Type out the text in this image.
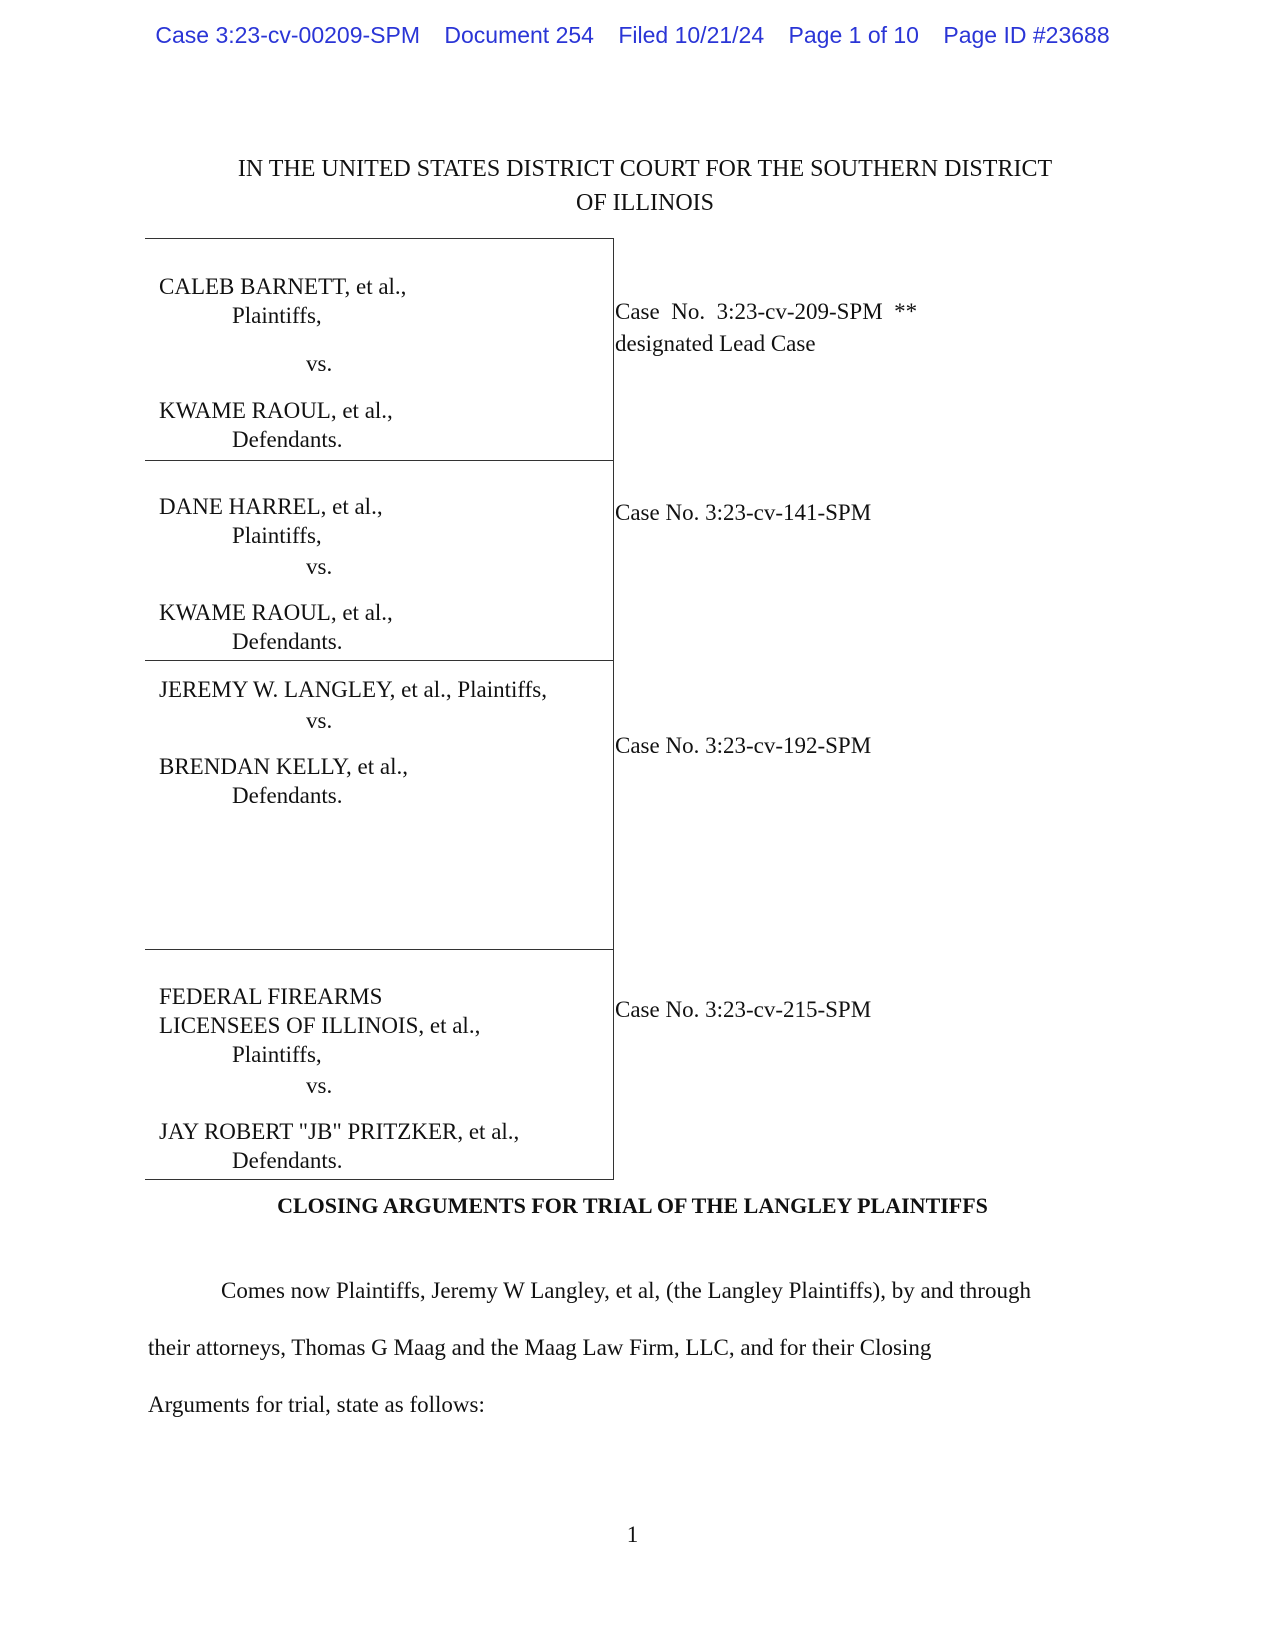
Case 3:23-cv-00209-SPM Document 254 Filed 10/21/24 Page 1 of 10 Page ID #23688
IN THE UNITED STATES DISTRICT COURT FOR THE SOUTHERN DISTRICT
OF ILLINOIS
CALEB BARNETT, et al.,
Plaintiffs,
vs.
KWAME RAOUL, et al.,
Defendants.
Case  No.  3:23-cv-209-SPM  **
designated Lead Case
DANE HARREL, et al.,
Plaintiffs,
vs.
KWAME RAOUL, et al.,
Defendants.
Case No. 3:23-cv-141-SPM
JEREMY W. LANGLEY, et al., Plaintiffs,
vs.
BRENDAN KELLY, et al.,
Defendants.
Case No. 3:23-cv-192-SPM
FEDERAL FIREARMS
LICENSEES OF ILLINOIS, et al.,
Plaintiffs,
vs.
JAY ROBERT "JB" PRITZKER, et al.,
Defendants.
Case No. 3:23-cv-215-SPM
CLOSING ARGUMENTS FOR TRIAL OF THE LANGLEY PLAINTIFFS
Comes now Plaintiffs, Jeremy W Langley, et al, (the Langley Plaintiffs), by and through
their attorneys, Thomas G Maag and the Maag Law Firm, LLC, and for their Closing
Arguments for trial, state as follows:
1
